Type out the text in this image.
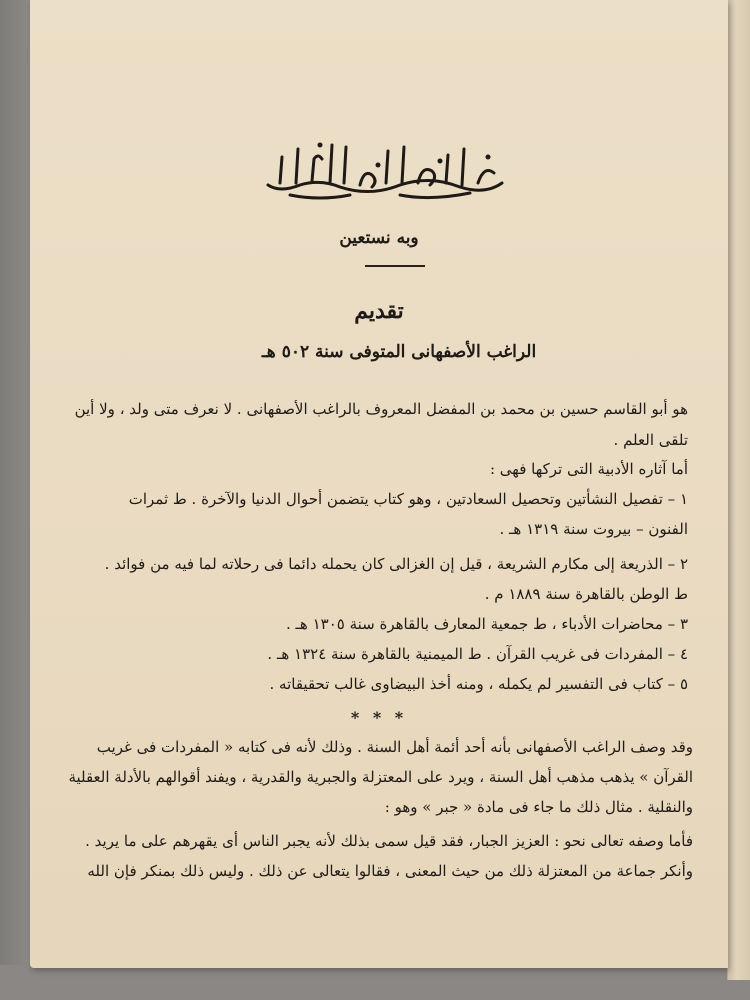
وبه نستعين
تقديم
الراغب الأصفهانى المتوفى سنة ٥٠٢ هـ
هو أبو القاسم حسين بن محمد بن المفضل المعروف بالراغب الأصفهانى . لا نعرف متى ولد ، ولا أين
تلقى العلم .
أما آثاره الأدبية التى تركها فهى :
١ – تفصيل النشأتين وتحصيل السعادتين ، وهو كتاب يتضمن أحوال الدنيا والآخرة . ط ثمرات
الفنون – بيروت سنة ١٣١٩ هـ .
٢ – الذريعة إلى مكارم الشريعة ، قيل إن الغزالى كان يحمله دائما فى رحلاته لما فيه من فوائد .
ط الوطن بالقاهرة سنة ١٨٨٩ م .
٣ – محاضرات الأدباء ، ط جمعية المعارف بالقاهرة سنة ١٣٠٥ هـ .
٤ – المفردات فى غريب القرآن . ط الميمنية بالقاهرة سنة ١٣٢٤ هـ .
٥ – كتاب فى التفسير لم يكمله ، ومنه أخذ البيضاوى غالب تحقيقاته .
* * *
وقد وصف الراغب الأصفهانى بأنه أحد أئمة أهل السنة . وذلك لأنه فى كتابه « المفردات فى غريب
القرآن » يذهب مذهب أهل السنة ، ويرد على المعتزلة والجبرية والقدرية ، ويفند أقوالهم بالأدلة العقلية
والنقلية . مثال ذلك ما جاء فى مادة « جبر » وهو :
فأما وصفه تعالى نحو : العزيز الجبار، فقد قيل سمى بذلك لأنه يجبر الناس أى يقهرهم على ما يريد .
وأنكر جماعة من المعتزلة ذلك من حيث المعنى ، فقالوا يتعالى عن ذلك . وليس ذلك بمنكر فإن الله
